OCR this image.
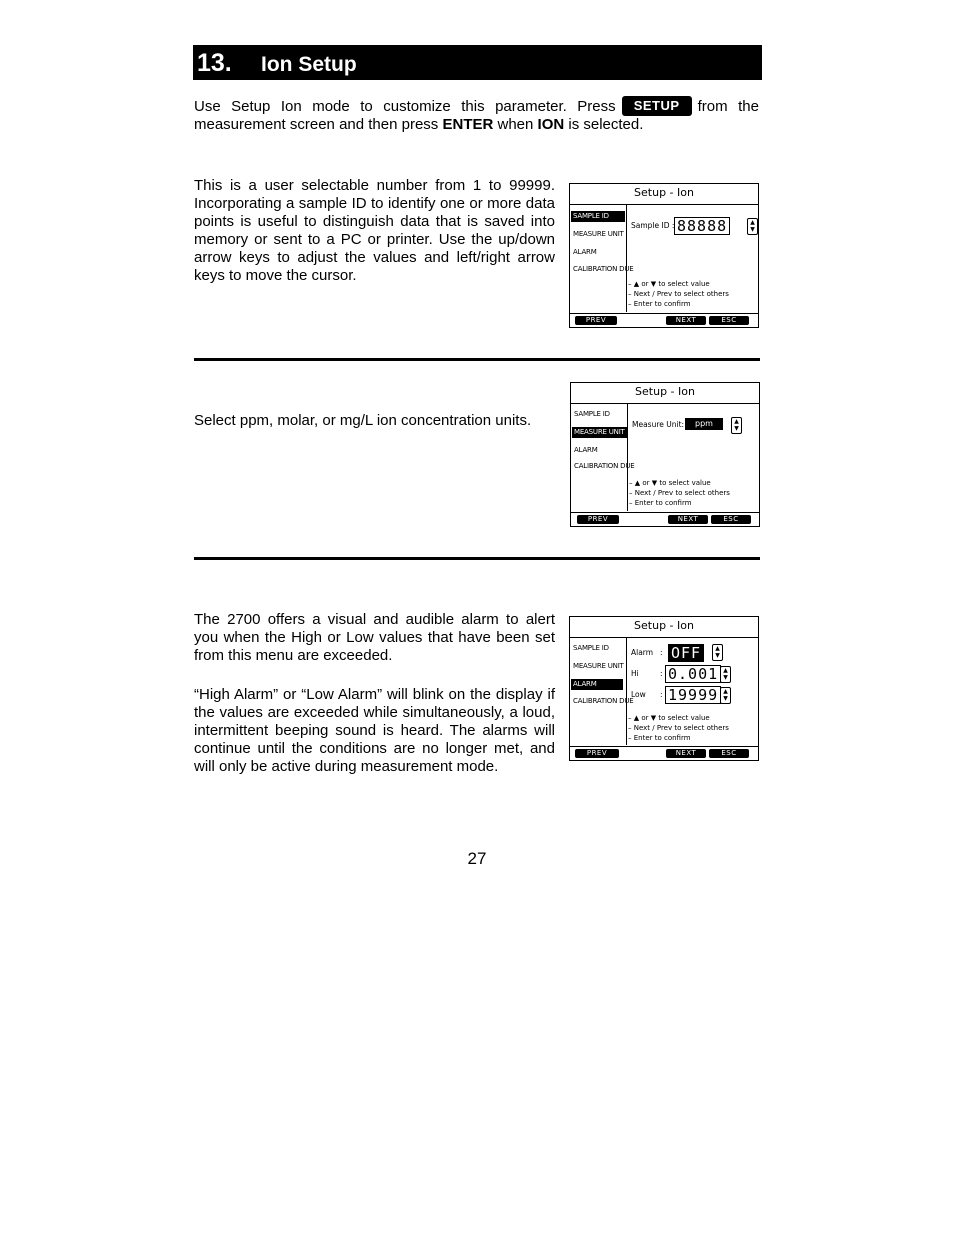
13. Ion Setup
Use Setup Ion mode to customize this parameter. Press SETUP from the measurement screen and then press ENTER when ION is selected.
This is a user selectable number from 1 to 99999. Incorporating a sample ID to identify one or more data points is useful to distinguish data that is saved into memory or sent to a PC or printer. Use the up/down arrow keys to adjust the values and left/right arrow keys to move the cursor.
Setup - Ion
SAMPLE ID
MEASURE UNIT
ALARM
CALIBRATION DUE
Sample ID : 88888	▲
▼
– ▲ or ▼ to select value
– Next / Prev to select others
– Enter to confirm
PREV	NEXT	ESC
Select ppm, molar, or mg/L ion concentration units.
Setup - Ion
SAMPLE ID
MEASURE UNIT
ALARM
CALIBRATION DUE
Measure Unit:	ppm	▲
▼
– ▲ or ▼ to select value
– Next / Prev to select others
– Enter to confirm
PREV	NEXT	ESC
The 2700 offers a visual and audible alarm to alert you when the High or Low values that have been set from this menu are exceeded.
“High Alarm” or “Low Alarm” will blink on the display if the values are exceeded while simultaneously, a loud, intermittent beeping sound is heard. The alarms will continue until the conditions are no longer met, and will only be active during measurement mode.
Setup - Ion
SAMPLE ID
MEASURE UNIT
ALARM
CALIBRATION DUE
Alarm : OFF	▲
▼
Hi	: 0.001 ▲
▼
Low : 19999 ▲
▼
– ▲ or ▼ to select value
– Next / Prev to select others
– Enter to confirm
PREV	NEXT	ESC
27
